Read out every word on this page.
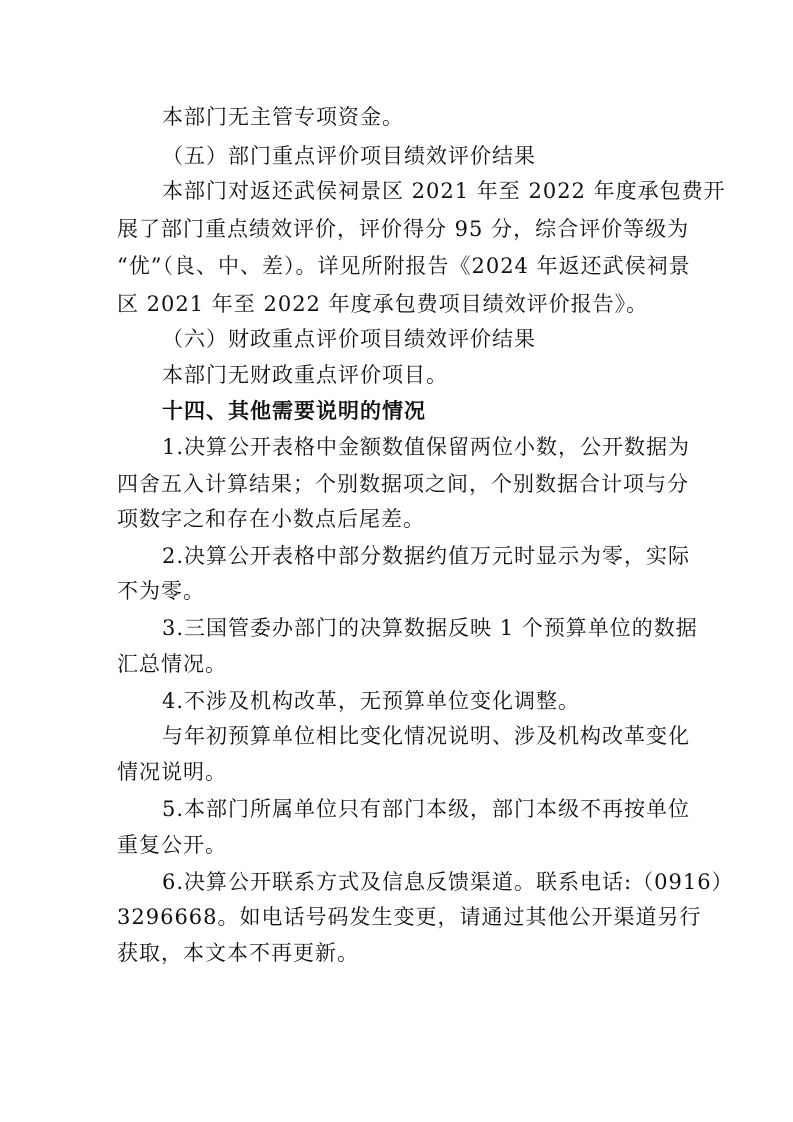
本部门无主管专项资金。
（五）部门重点评价项目绩效评价结果
本部门对返还武侯祠景区 2021 年至 2022 年度承包费开
展了部门重点绩效评价，评价得分 95 分，综合评价等级为
“优”（良、中、差）。详见所附报告《2024 年返还武侯祠景
区 2021 年至 2022 年度承包费项目绩效评价报告》。
（六）财政重点评价项目绩效评价结果
本部门无财政重点评价项目。
十四、其他需要说明的情况
1.决算公开表格中金额数值保留两位小数，公开数据为
四舍五入计算结果；个别数据项之间，个别数据合计项与分
项数字之和存在小数点后尾差。
2.决算公开表格中部分数据约值万元时显示为零，实际
不为零。
3.三国管委办部门的决算数据反映 1 个预算单位的数据
汇总情况。
4.不涉及机构改革，无预算单位变化调整。
与年初预算单位相比变化情况说明、涉及机构改革变化
情况说明。
5.本部门所属单位只有部门本级，部门本级不再按单位
重复公开。
6.决算公开联系方式及信息反馈渠道。联系电话:（0916）
3296668。如电话号码发生变更，请通过其他公开渠道另行
获取，本文本不再更新。
